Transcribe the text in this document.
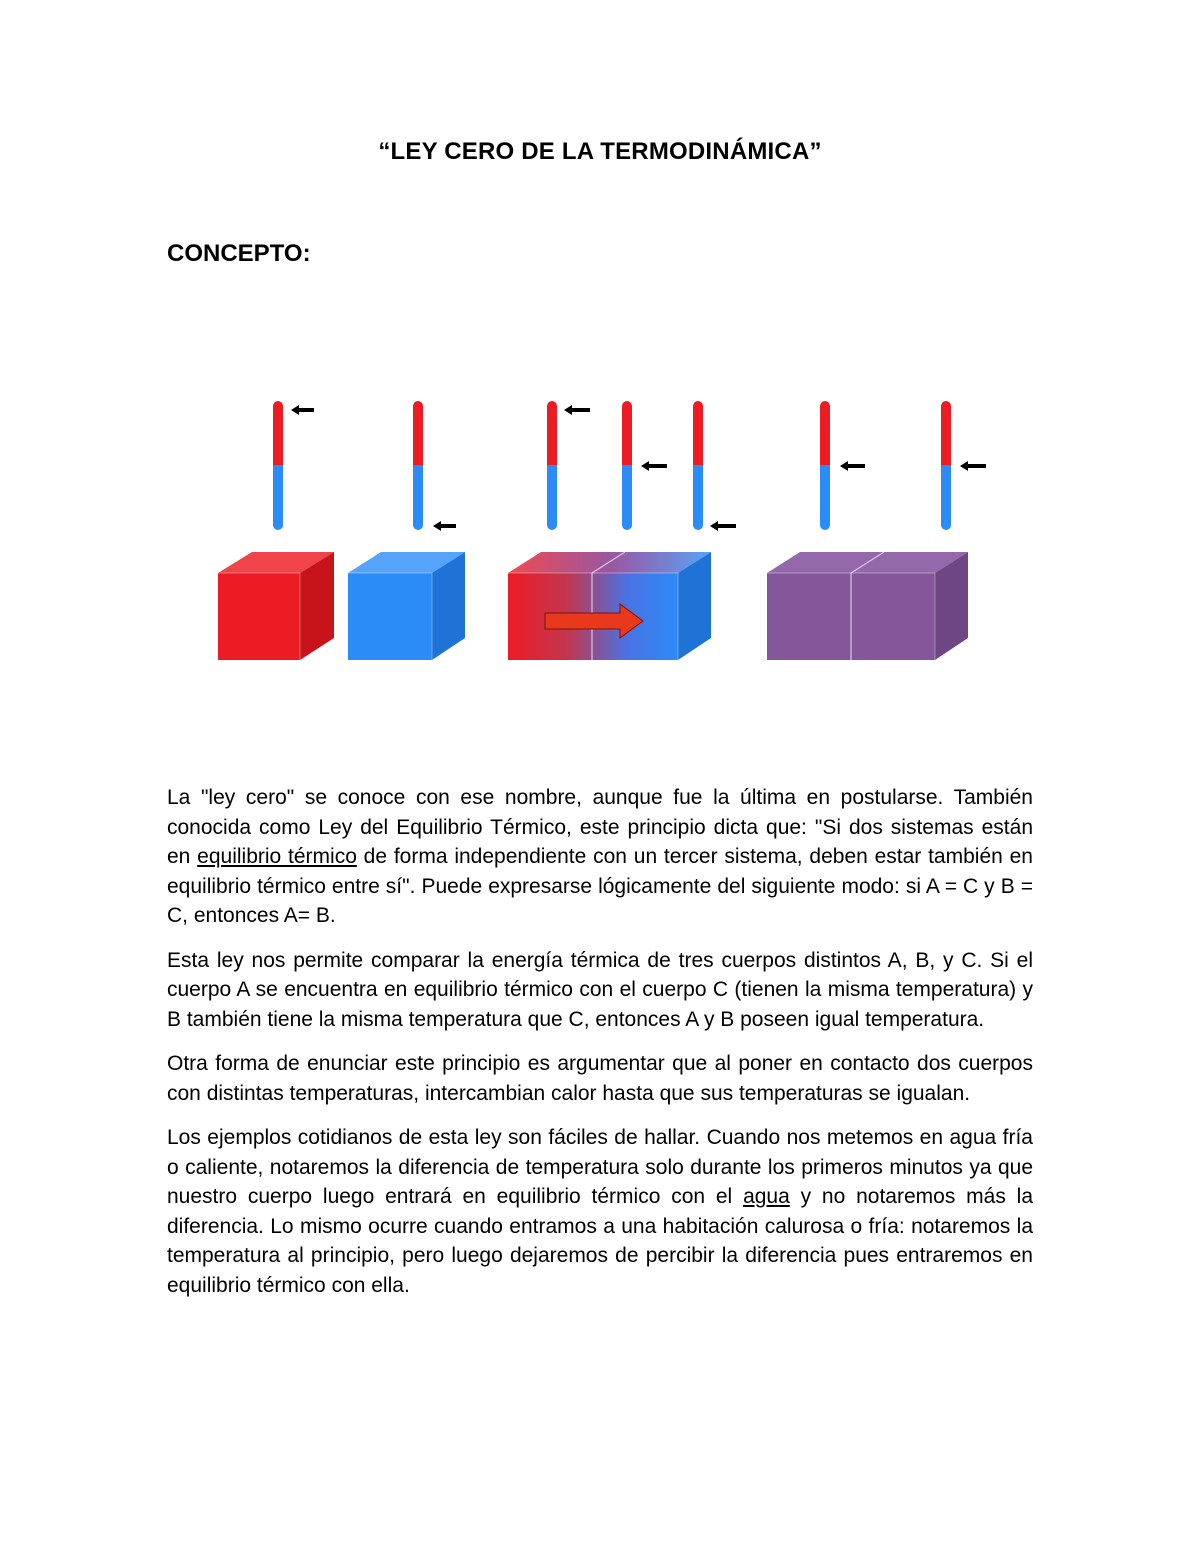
“LEY CERO DE LA TERMODINÁMICA”
CONCEPTO:

La "ley cero" se conoce con ese nombre, aunque fue la última en postularse. También conocida como Ley del Equilibrio Térmico, este principio dicta que: "Si dos sistemas están en equilibrio térmico de forma independiente con un tercer sistema, deben estar también en equilibrio térmico entre sí". Puede expresarse lógicamente del siguiente modo: si A = C y B = C, entonces A= B.

Esta ley nos permite comparar la energía térmica de tres cuerpos distintos A, B, y C. Si el cuerpo A se encuentra en equilibrio térmico con el cuerpo C (tienen la misma temperatura) y B también tiene la misma temperatura que C, entonces A y B poseen igual temperatura.

Otra forma de enunciar este principio es argumentar que al poner en contacto dos cuerpos con distintas temperaturas, intercambian calor hasta que sus temperaturas se igualan.

Los ejemplos cotidianos de esta ley son fáciles de hallar. Cuando nos metemos en agua fría o caliente, notaremos la diferencia de temperatura solo durante los primeros minutos ya que nuestro cuerpo luego entrará en equilibrio térmico con el agua y no notaremos más la diferencia. Lo mismo ocurre cuando entramos a una habitación calurosa o fría: notaremos la temperatura al principio, pero luego dejaremos de percibir la diferencia pues entraremos en equilibrio térmico con ella.
